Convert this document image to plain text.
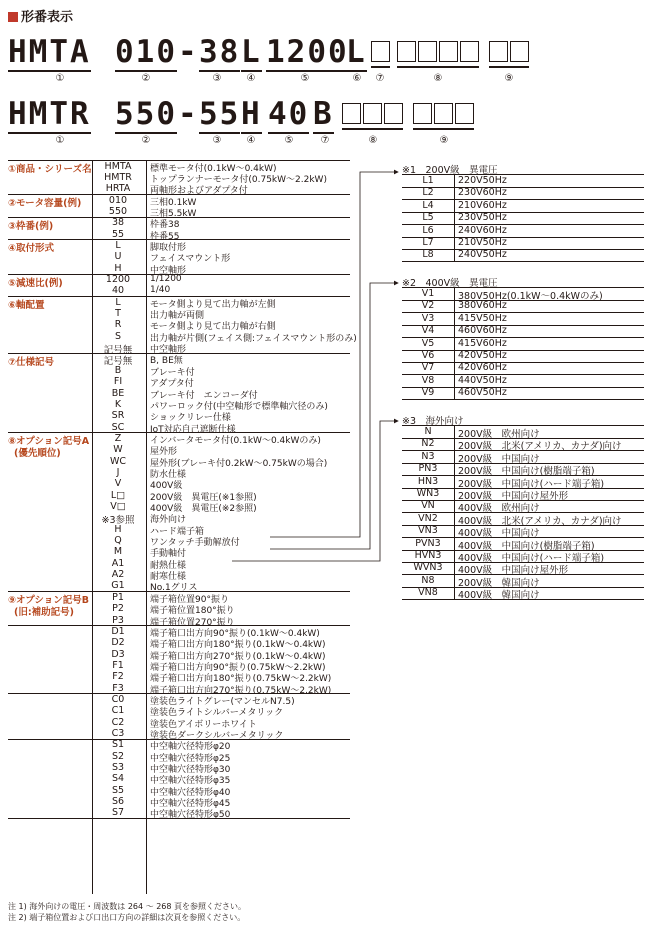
形番表示
HMTA 010 - 38 L 1200
L
①	②	③	④	⑤	⑥	⑦	⑧	⑨
HMTR 550 - 55 H 40 B
①	②	③	④	⑤	⑦	⑧	⑨
①商品・シリーズ名	HMTA	標準モータ付(0.1kW〜0.4kW)
HMTR	トップランナーモータ付(0.75kW〜2.2kW)
HRTA	両軸形およびアダプタ付
②モータ容量(例)	010	三相0.1kW
550	三相5.5kW
③枠番(例)	38	枠番38
55	枠番55
④取付形式	L	脚取付形
U	フェイスマウント形
H	中空軸形
⑤減速比(例)	1200	1/1200
40	1/40
⑥軸配置	L	モータ側より見て出力軸が左側
T	出力軸が両側
R	モータ側より見て出力軸が右側
S	出力軸が片側(フェイス側:フェイスマウント形のみ)
記号無	中空軸形
⑦仕様記号	記号無	B, BE無
B	ブレーキ付
FI	アダプタ付
BE	ブレーキ付　エンコーダ付
K	パワーロック付(中空軸形で標準軸穴径のみ)
SR	ショックリレー仕様
SC	IoT対応自己遮断仕様
⑧オプション記号A
(優先順位)
Z	インバータモータ付(0.1kW〜0.4kWのみ)
W	屋外形
WC	屋外形(ブレーキ付0.2kW〜0.75kWの場合)
J	防水仕様
V	400V級
L□	200V級　異電圧(※1参照)
V□	400V級　異電圧(※2参照)
※3参照	海外向け
H	ハード端子箱
Q	ワンタッチ手動解放付
M	手動軸付
A1	耐熱仕様
A2	耐寒仕様
G1	No.1グリス
⑨オプション記号B
(旧:補助記号)
P1	端子箱位置90°振り
P2	端子箱位置180°振り
P3	端子箱位置270°振り
D1	端子箱口出方向90°振り(0.1kW〜0.4kW)
D2	端子箱口出方向180°振り(0.1kW〜0.4kW)
D3	端子箱口出方向270°振り(0.1kW〜0.4kW)
F1	端子箱口出方向90°振り(0.75kW〜2.2kW)
F2	端子箱口出方向180°振り(0.75kW〜2.2kW)
F3	端子箱口出方向270°振り(0.75kW〜2.2kW)
C0	塗装色ライトグレー(マンセルN7.5)
C1	塗装色ライトシルバーメタリック
C2	塗装色アイボリーホワイト
C3	塗装色ダークシルバーメタリック
S1	中空軸穴径特形φ20
S2	中空軸穴径特形φ25
S3	中空軸穴径特形φ30
S4	中空軸穴径特形φ35
S5	中空軸穴径特形φ40
S6	中空軸穴径特形φ45
S7	中空軸穴径特形φ50
※1　200V級　異電圧
L1	220V50Hz
L2	230V60Hz
L4	210V60Hz
L5	230V50Hz
L6	240V60Hz
L7	210V50Hz
L8	240V50Hz
※2　400V級　異電圧
V1	380V50Hz(0.1kW〜0.4kWのみ)
V2	380V60Hz
V3	415V50Hz
V4	460V60Hz
V5	415V60Hz
V6	420V50Hz
V7	420V60Hz
V8	440V50Hz
V9	460V50Hz
※3　海外向け
N	200V級　欧州向け
N2	200V級　北米(アメリカ、カナダ)向け
N3	200V級　中国向け
PN3	200V級　中国向け(樹脂端子箱)
HN3	200V級　中国向け(ハード端子箱)
WN3	200V級　中国向け屋外形
VN	400V級　欧州向け
VN2	400V級　北米(アメリカ、カナダ)向け
VN3	400V級　中国向け
PVN3	400V級　中国向け(樹脂端子箱)
HVN3	400V級　中国向け(ハード端子箱)
WVN3	400V級　中国向け屋外形
N8	200V級　韓国向け
VN8	400V級　韓国向け
注 1) 海外向けの電圧・周波数は 264 〜 268 頁を参照ください。
注 2) 端子箱位置および口出口方向の詳細は次頁を参照ください。
